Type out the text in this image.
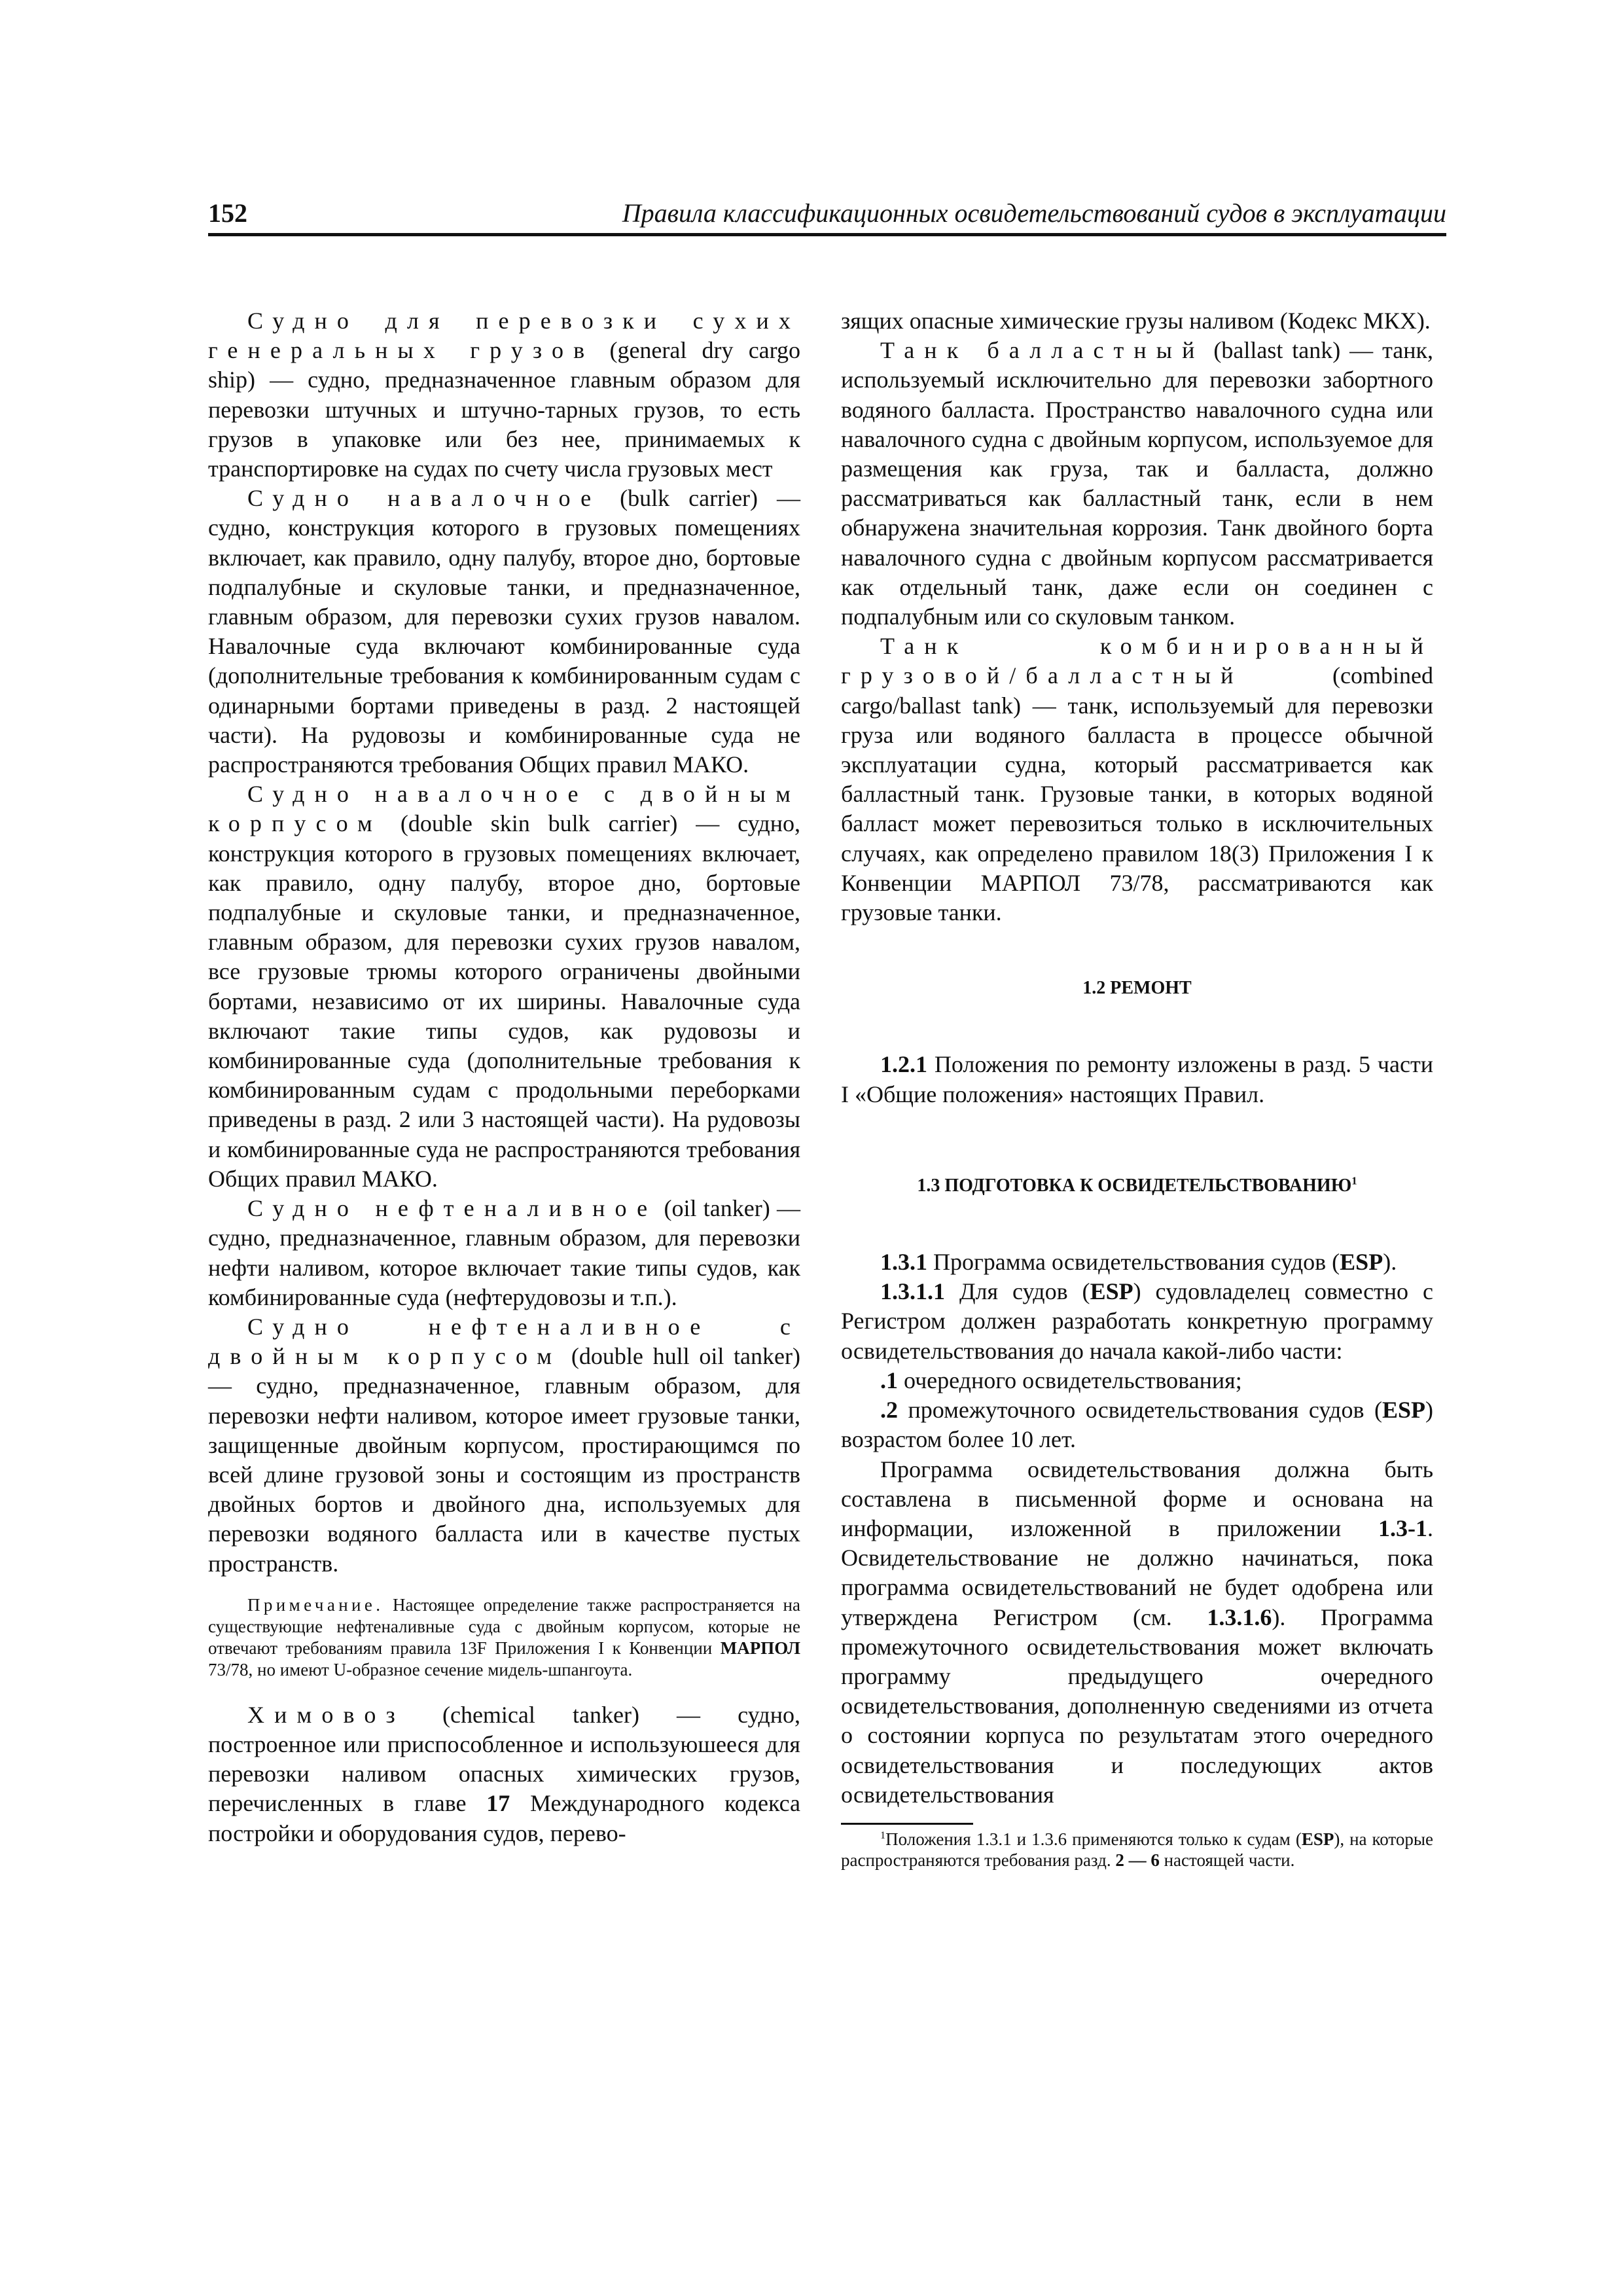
152	Правила классификационных освидетельствований судов в эксплуатации

Судно для перевозки сухих генеральных грузов (general dry cargo ship) — судно, предназначенное главным образом для перевозки штучных и штучно-тарных грузов, то есть грузов в упаковке или без нее, принимаемых к транспортировке на судах по счету числа грузовых мест

Судно навалочное (bulk carrier) — судно, конструкция которого в грузовых помещениях включает, как правило, одну палубу, второе дно, бортовые подпалубные и скуловые танки, и предназначенное, главным образом, для перевозки сухих грузов навалом. Навалочные суда включают комбинированные суда (дополнительные требования к комбинированным судам с одинарными бортами приведены в разд. 2 настоящей части). На рудовозы и комбинированные суда не распространяются требования Общих правил МАКО.

Судно навалочное с двойным корпусом (double skin bulk carrier) — судно, конструкция которого в грузовых помещениях включает, как правило, одну палубу, второе дно, бортовые подпалубные и скуловые танки, и предназначенное, главным образом, для перевозки сухих грузов навалом, все грузовые трюмы которого ограничены двойными бортами, независимо от их ширины. Навалочные суда включают такие типы судов, как рудовозы и комбинированные суда (дополнительные требования к комбинированным судам с продольными переборками приведены в разд. 2 или 3 настоящей части). На рудовозы и комбинированные суда не распространяются требования Общих правил МАКО.

Судно нефтеналивное (oil tanker) — судно, предназначенное, главным образом, для перевозки нефти наливом, которое включает такие типы судов, как комбинированные суда (нефтерудовозы и т.п.).

Судно нефтеналивное с двойным корпусом (double hull oil tanker) — судно, предназначенное, главным образом, для перевозки нефти наливом, которое имеет грузовые танки, защищенные двойным корпусом, простирающимся по всей длине грузовой зоны и состоящим из пространств двойных бортов и двойного дна, используемых для перевозки водяного балласта или в качестве пустых пространств.

Примечание. Настоящее определение также распространяется на существующие нефтеналивные суда с двойным корпусом, которые не отвечают требованиям правила 13F Приложения I к Конвенции МАРПОЛ 73/78, но имеют U-образное сечение мидель-шпангоута.

Химовоз (chemical tanker) — судно, построенное или приспособленное и используюшееся для перевозки наливом опасных химических грузов, перечисленных в главе 17 Международного кодекса постройки и оборудования судов, перево-

зящих опасные химические грузы наливом (Кодекс МКХ).

Танк балластный (ballast tank) — танк, используемый исключительно для перевозки забортного водяного балласта. Пространство навалочного судна или навалочного судна с двойным корпусом, используемое для размещения как груза, так и балласта, должно рассматриваться как балластный танк, если в нем обнаружена значительная коррозия. Танк двойного борта навалочного судна с двойным корпусом рассматривается как отдельный танк, даже если он соединен с подпалубным или со скуловым танком.

Танк комбинированный грузовой/балластный (combined cargo/ballast tank) — танк, используемый для перевозки груза или водяного балласта в процессе обычной эксплуатации судна, который рассматривается как балластный танк. Грузовые танки, в которых водяной балласт может перевозиться только в исключительных случаях, как определено правилом 18(3) Приложения I к Конвенции МАРПОЛ 73/78, рассматриваются как грузовые танки.

1.2 РЕМОНТ

1.2.1 Положения по ремонту изложены в разд. 5 части I «Общие положения» настоящих Правил.

1.3 ПОДГОТОВКА К ОСВИДЕТЕЛЬСТВОВАНИЮ$^1$

1.3.1 Программа освидетельствования судов (ESP).

1.3.1.1 Для судов (ESP) судовладелец совместно с Регистром должен разработать конкретную программу освидетельствования до начала какой-либо части:

.1 очередного освидетельствования;

.2 промежуточного освидетельствования судов (ESP) возрастом более 10 лет.

Программа освидетельствования должна быть составлена в письменной форме и основана на информации, изложенной в приложении 1.3-1. Освидетельствование не должно начинаться, пока программа освидетельствований не будет одобрена или утверждена Регистром (см. 1.3.1.6). Программа промежуточного освидетельствования может включать программу предыдущего очередного освидетельствования, дополненную сведениями из отчета о состоянии корпуса по результатам этого очередного освидетельствования и последующих актов освидетельствования

$^1$Положения 1.3.1 и 1.3.6 применяются только к судам (ESP), на которые распространяются требования разд. 2 — 6 настоящей части.
